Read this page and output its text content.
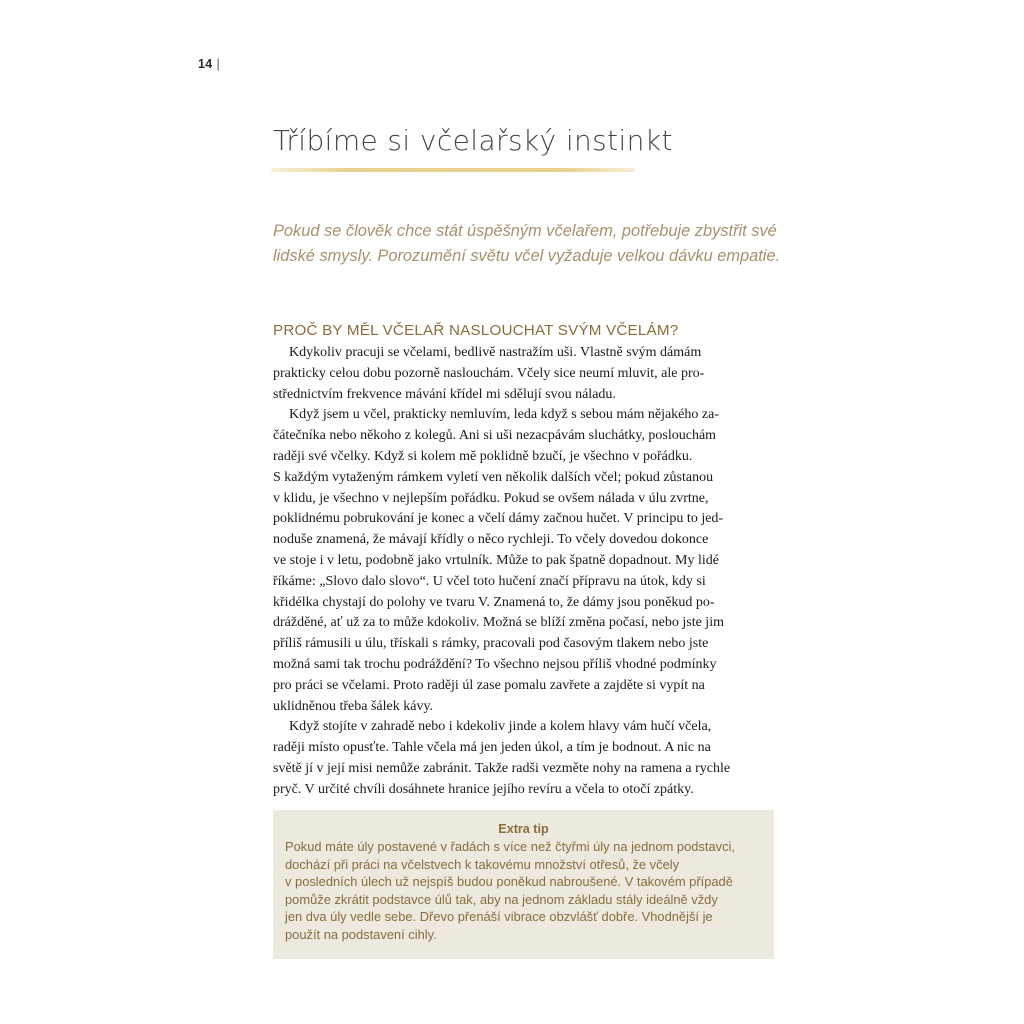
14 |
Tříbíme si včelařský instinkt
Pokud se člověk chce stát úspěšným včelařem, potřebuje zbystřit své
lidské smysly. Porozumění světu včel vyžaduje velkou dávku empatie.
PROČ BY MĚL VČELAŘ NASLOUCHAT SVÝM VČELÁM?
Kdykoliv pracuji se včelami, bedlivě nastražím uši. Vlastně svým dámám
prakticky celou dobu pozorně naslouchám. Včely sice neumí mluvit, ale pro-
střednictvím frekvence mávání křídel mi sdělují svou náladu.
Když jsem u včel, prakticky nemluvím, leda když s sebou mám nějakého za-
čátečníka nebo někoho z kolegů. Ani si uši nezacpávám sluchátky, poslouchám
raději své včelky. Když si kolem mě poklidně bzučí, je všechno v pořádku.
S každým vytaženým rámkem vyletí ven několik dalších včel; pokud zůstanou
v klidu, je všechno v nejlepším pořádku. Pokud se ovšem nálada v úlu zvrtne,
poklidnému pobrukování je konec a včelí dámy začnou hučet. V principu to jed-
noduše znamená, že mávají křídly o něco rychleji. To včely dovedou dokonce
ve stoje i v letu, podobně jako vrtulník. Může to pak špatně dopadnout. My lidé
říkáme: „Slovo dalo slovo“. U včel toto hučení značí přípravu na útok, kdy si
křidélka chystají do polohy ve tvaru V. Znamená to, že dámy jsou poněkud po-
drážděné, ať už za to může kdokoliv. Možná se blíží změna počasí, nebo jste jim
příliš rámusili u úlu, třískali s rámky, pracovali pod časovým tlakem nebo jste
možná sami tak trochu podráždění? To všechno nejsou příliš vhodné podmínky
pro práci se včelami. Proto raději úl zase pomalu zavřete a zajděte si vypít na
uklidněnou třeba šálek kávy.
Když stojíte v zahradě nebo i kdekoliv jinde a kolem hlavy vám hučí včela,
raději místo opusťte. Tahle včela má jen jeden úkol, a tím je bodnout. A nic na
světě jí v její misi nemůže zabránit. Takže radši vezměte nohy na ramena a rychle
pryč. V určité chvíli dosáhnete hranice jejího revíru a včela to otočí zpátky.
Extra tip
Pokud máte úly postavené v řadách s více než čtyřmi úly na jednom podstavci,
dochází při práci na včelstvech k takovému množství otřesů, že včely
v posledních úlech už nejspíš budou poněkud nabroušené. V takovém případě
pomůže zkrátit podstavce úlů tak, aby na jednom základu stály ideálně vždy
jen dva úly vedle sebe. Dřevo přenáší vibrace obzvlášť dobře. Vhodnější je
použít na podstavení cihly.
